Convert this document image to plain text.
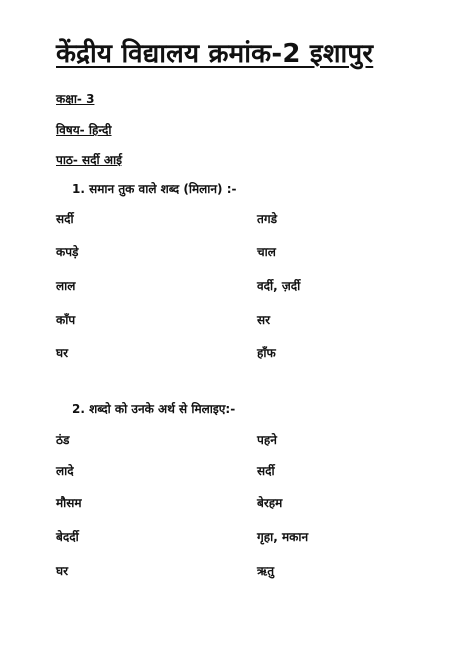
केंद्रीय विद्यालय क्रमांक-2 इशापुर
कक्षा- 3
विषय- हिन्दी
पाठ- सर्दी आई
1. समान तुक वाले शब्द (मिलान) :-
सर्दी	तगडे
कपड़े	चाल
लाल	वर्दी, ज़र्दी
काँप	सर
घर	हाँफ
2. शब्दो को उनके अर्थ से मिलाइए:-
ठंड	पहने
लादे	सर्दी
मौसम	बेरहम
बेदर्दी	गृहा, मकान
घर	ऋतु
